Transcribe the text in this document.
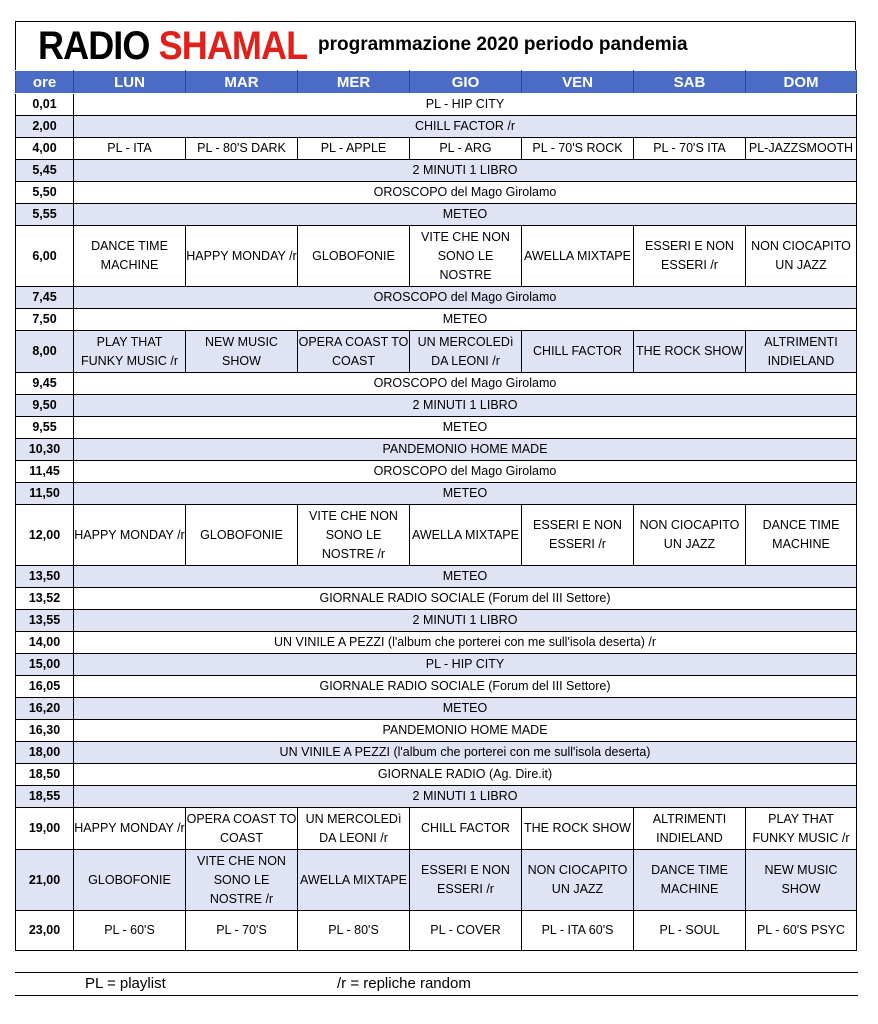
RADIO SHAMAL programmazione 2020 periodo pandemia
ore	LUN	MAR	MER	GIO	VEN	SAB	DOM
0,01	PL - HIP CITY						
2,00	CHILL FACTOR /r						
4,00	PL - ITA	PL - 80'S DARK	PL - APPLE	PL - ARG	PL - 70'S ROCK	PL - 70'S ITA	PL-JAZZSMOOTH
5,45	2 MINUTI 1 LIBRO						
5,50	OROSCOPO del Mago Girolamo						
5,55	METEO						
6,00	DANCE TIME MACHINE	HAPPY MONDAY /r	GLOBOFONIE	VITE CHE NON SONO LE NOSTRE	AWELLA MIXTAPE	ESSERI E NON ESSERI /r	NON CIOCAPITO UN JAZZ
7,45	OROSCOPO del Mago Girolamo						
7,50	METEO						
8,00	PLAY THAT FUNKY MUSIC /r	NEW MUSIC SHOW	OPERA COAST TO COAST	UN MERCOLEDì DA LEONI /r	CHILL FACTOR	THE ROCK SHOW	ALTRIMENTI INDIELAND
9,45	OROSCOPO del Mago Girolamo						
9,50	2 MINUTI 1 LIBRO						
9,55	METEO						
10,30	PANDEMONIO HOME MADE						
11,45	OROSCOPO del Mago Girolamo						
11,50	METEO						
12,00	HAPPY MONDAY /r	GLOBOFONIE	VITE CHE NON SONO LE NOSTRE /r	AWELLA MIXTAPE	ESSERI E NON ESSERI /r	NON CIOCAPITO UN JAZZ	DANCE TIME MACHINE
13,50	METEO						
13,52	GIORNALE RADIO SOCIALE (Forum del III Settore)						
13,55	2 MINUTI 1 LIBRO						
14,00	UN VINILE A PEZZI (l'album che porterei con me sull'isola deserta) /r						
15,00	PL - HIP CITY						
16,05	GIORNALE RADIO SOCIALE (Forum del III Settore)						
16,20	METEO						
16,30	PANDEMONIO HOME MADE						
18,00	UN VINILE A PEZZI (l'album che porterei con me sull'isola deserta)						
18,50	GIORNALE RADIO (Ag. Dire.it)						
18,55	2 MINUTI 1 LIBRO						
19,00	HAPPY MONDAY /r	OPERA COAST TO COAST	UN MERCOLEDì DA LEONI /r	CHILL FACTOR	THE ROCK SHOW	ALTRIMENTI INDIELAND	PLAY THAT FUNKY MUSIC /r
21,00	GLOBOFONIE	VITE CHE NON SONO LE NOSTRE /r	AWELLA MIXTAPE	ESSERI E NON ESSERI /r	NON CIOCAPITO UN JAZZ	DANCE TIME MACHINE	NEW MUSIC SHOW
23,00	PL - 60'S	PL - 70'S	PL - 80'S	PL - COVER	PL - ITA 60'S	PL - SOUL	PL - 60'S PSYC
PL = playlist	/r = repliche random
